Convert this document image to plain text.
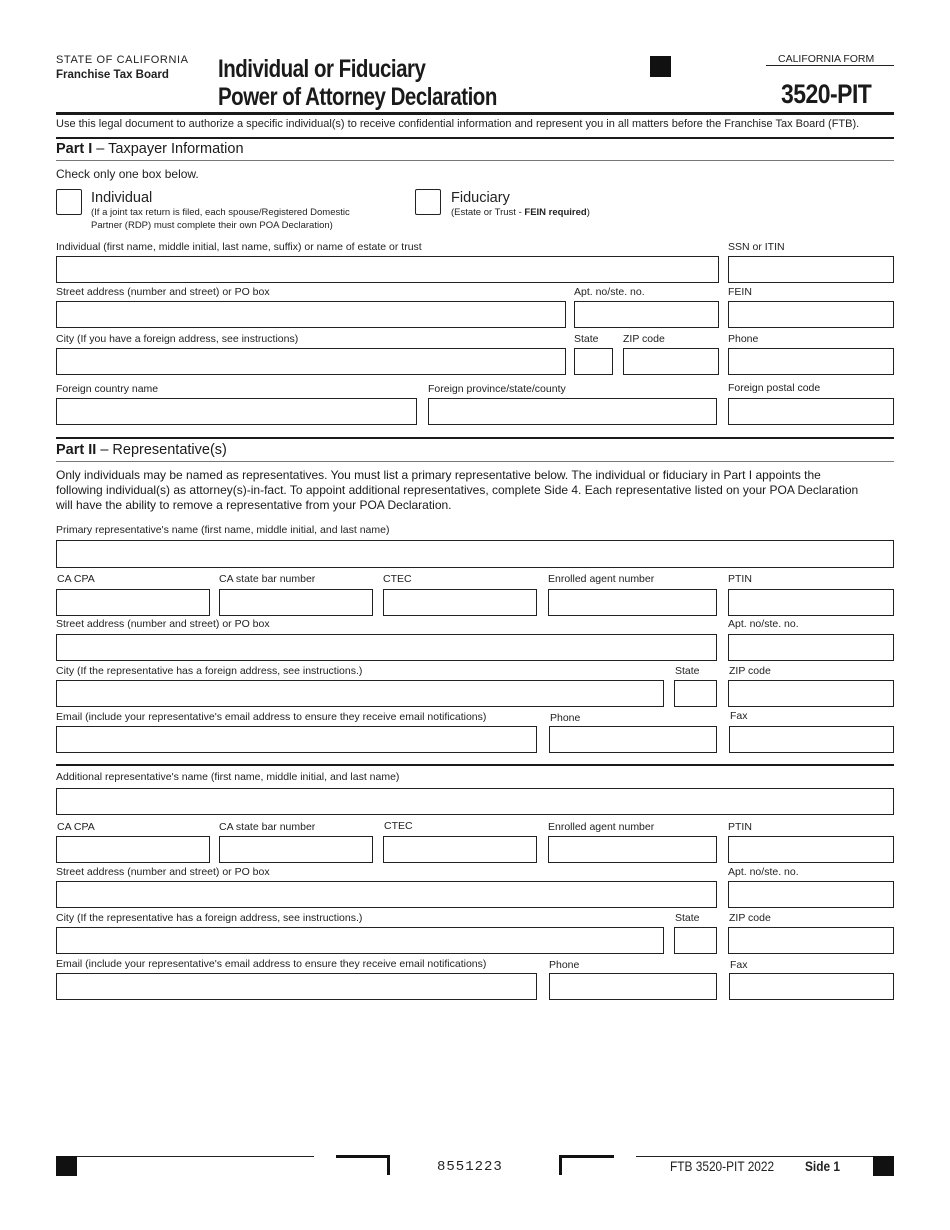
STATE OF CALIFORNIA
Franchise Tax Board Individual or Fiduciary
Power of Attorney Declaration
CALIFORNIA FORM
3520-PIT
Use this legal document to authorize a specific individual(s) to receive confidential information and represent you in all matters before the Franchise Tax Board (FTB).
Part I – Taxpayer Information
Check only one box below.
Individual
(If a joint tax return is filed, each spouse/Registered Domestic
Partner (RDP) must complete their own POA Declaration)
Fiduciary
(Estate or Trust - FEIN required)
Individual (first name, middle initial, last name, suffix) or name of estate or trust	SSN or ITIN
Street address (number and street) or PO box	Apt. no/ste. no.	FEIN
City (If you have a foreign address, see instructions)	State ZIP code	Phone
Foreign country name	Foreign province/state/county	Foreign postal code
Part II – Representative(s)
Only individuals may be named as representatives. You must list a primary representative below. The individual or fiduciary in Part I appoints the
following individual(s) as attorney(s)-in-fact. To appoint additional representatives, complete Side 4. Each representative listed on your POA Declaration
will have the ability to remove a representative from your POA Declaration.
Primary representative's name (first name, middle initial, and last name)
CA CPA	CA state bar number	CTEC	Enrolled agent number	PTIN
Street address (number and street) or PO box	Apt. no/ste. no.
City (If the representative has a foreign address, see instructions.)	State	ZIP code
Email (include your representative's email address to ensure they receive email notifications)	Phone	Fax
Additional representative's name (first name, middle initial, and last name)
CA CPA	CA state bar number	CTEC	Enrolled agent number	PTIN
Street address (number and street) or PO box	Apt. no/ste. no.
City (If the representative has a foreign address, see instructions.)	State	ZIP code
Email (include your representative's email address to ensure they receive email notifications)	Phone	Fax
8551223	FTB 3520-PIT 2022 Side 1
